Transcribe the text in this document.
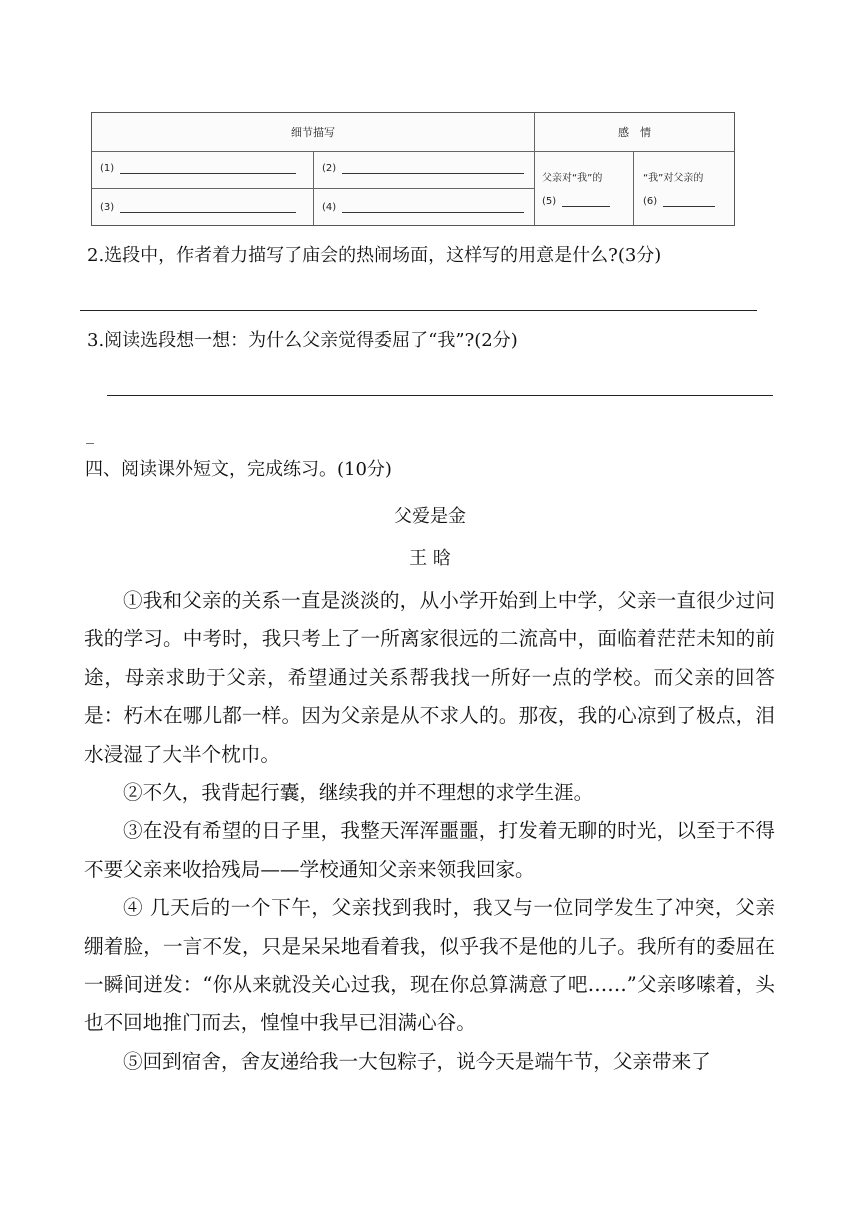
细节描写	感　情
(1)	(2)
(3)	(4)
父亲对“我”的	“我”对父亲的
(5)	(6)
2.选段中，作者着力描写了庙会的热闹场面，这样写的用意是什么?(3分)
3.阅读选段想一想：为什么父亲觉得委屈了“我”?(2分)
_
四、阅读课外短文，完成练习。(10分)
父爱是金
王 晗

①我和父亲的关系一直是淡淡的，从小学开始到上中学，父亲一直很少过问我的学习。中考时，我只考上了一所离家很远的二流高中，面临着茫茫未知的前途，母亲求助于父亲，希望通过关系帮我找一所好一点的学校。而父亲的回答是：朽木在哪儿都一样。因为父亲是从不求人的。那夜，我的心凉到了极点，泪水浸湿了大半个枕巾。

②不久，我背起行囊，继续我的并不理想的求学生涯。

③在没有希望的日子里，我整天浑浑噩噩，打发着无聊的时光，以至于不得不要父亲来收拾残局——学校通知父亲来领我回家。

④ 几天后的一个下午，父亲找到我时，我又与一位同学发生了冲突，父亲绷着脸，一言不发，只是呆呆地看着我，似乎我不是他的儿子。我所有的委屈在一瞬间迸发：“你从来就没关心过我，现在你总算满意了吧……”父亲哆嗦着，头也不回地推门而去，惶惶中我早已泪满心谷。

⑤回到宿舍，舍友递给我一大包粽子，说今天是端午节，父亲带来了
